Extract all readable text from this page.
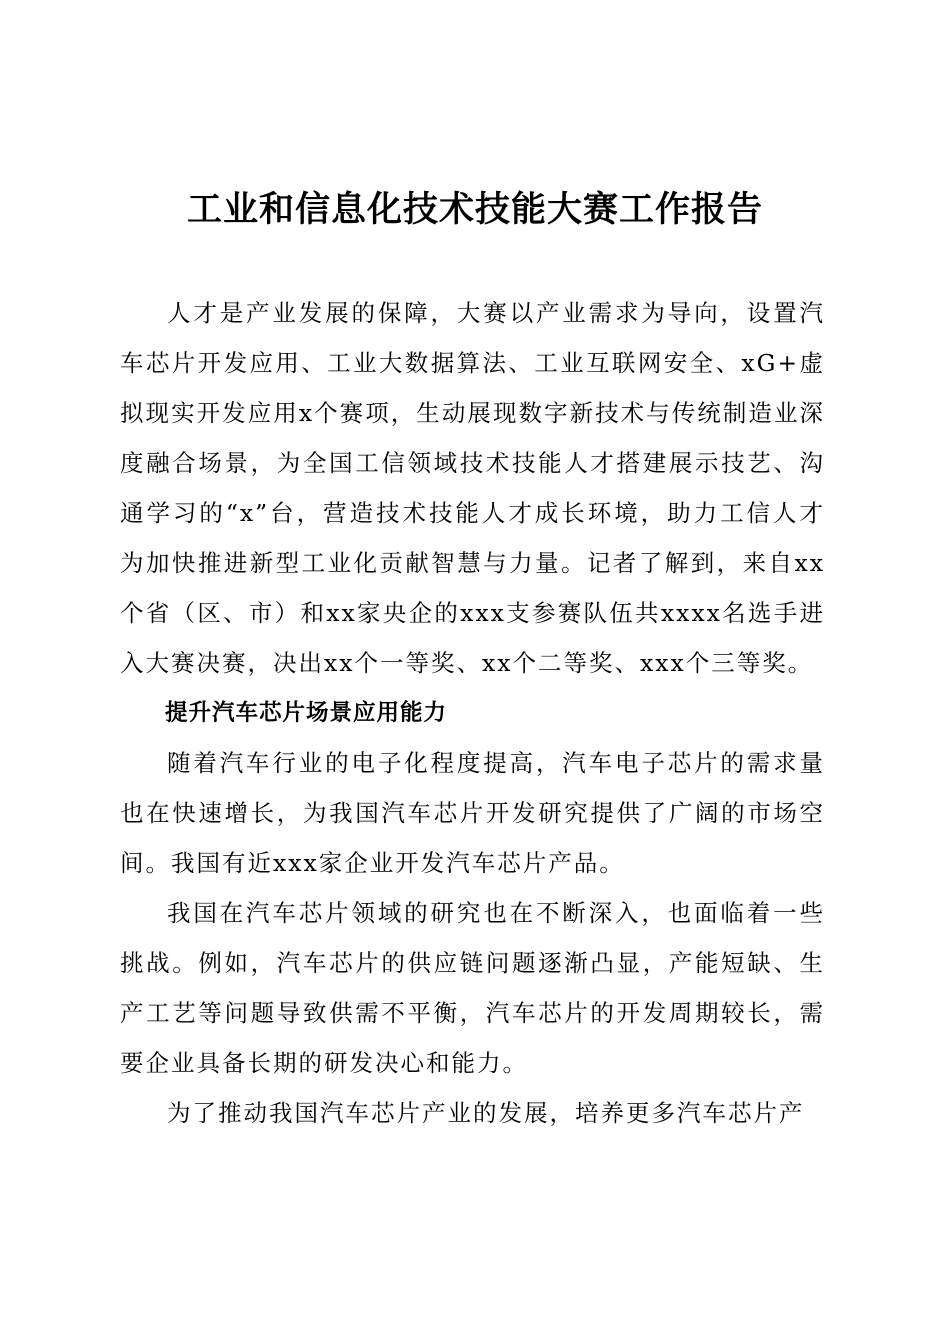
工业和信息化技术技能大赛工作报告

人才是产业发展的保障，大赛以产业需求为导向，设置汽车芯片开发应用、工业大数据算法、工业互联网安全、xG+虚拟现实开发应用x个赛项，生动展现数字新技术与传统制造业深度融合场景，为全国工信领域技术技能人才搭建展示技艺、沟通学习的“x”台，营造技术技能人才成长环境，助力工信人才为加快推进新型工业化贡献智慧与力量。记者了解到，来自xx个省（区、市）和xx家央企的xxx支参赛队伍共xxxx名选手进入大赛决赛，决出xx个一等奖、xx个二等奖、xxx个三等奖。

提升汽车芯片场景应用能力

随着汽车行业的电子化程度提高，汽车电子芯片的需求量也在快速增长，为我国汽车芯片开发研究提供了广阔的市场空间。我国有近xxx家企业开发汽车芯片产品。

我国在汽车芯片领域的研究也在不断深入，也面临着一些挑战。例如，汽车芯片的供应链问题逐渐凸显，产能短缺、生产工艺等问题导致供需不平衡，汽车芯片的开发周期较长，需要企业具备长期的研发决心和能力。

为了推动我国汽车芯片产业的发展，培养更多汽车芯片产
